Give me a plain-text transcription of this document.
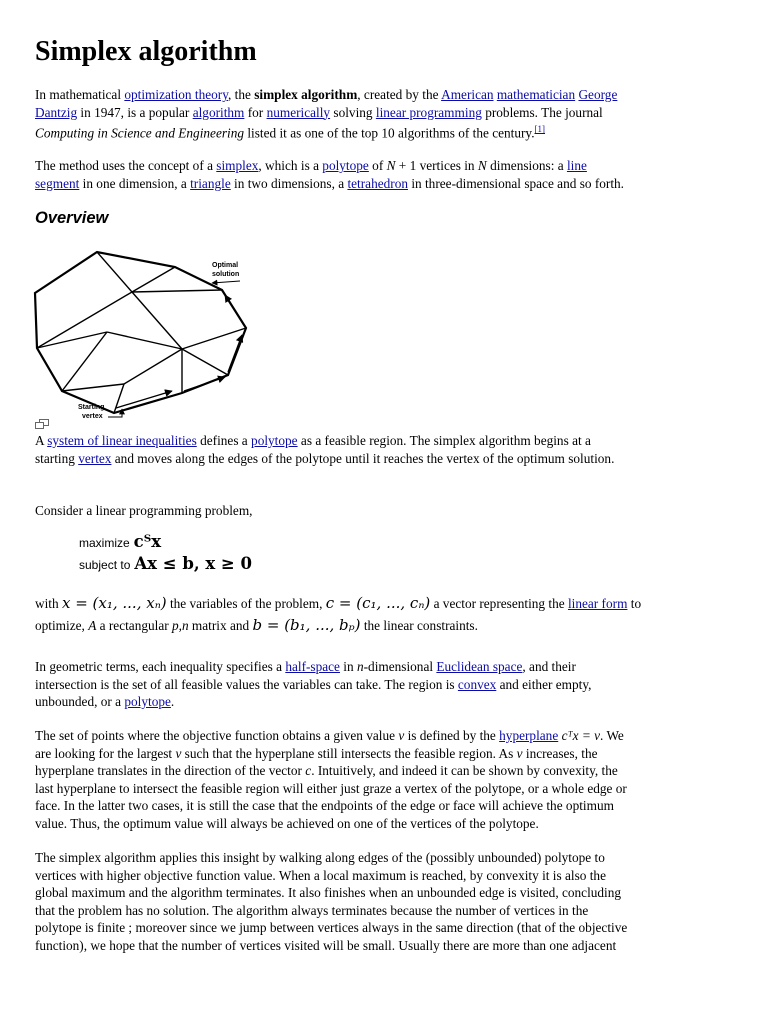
Simplex algorithm

In mathematical optimization theory, the simplex algorithm, created by the American mathematician George
Dantzig in 1947, is a popular algorithm for numerically solving linear programming problems. The journal
Computing in Science and Engineering listed it as one of the top 10 algorithms of the century.[1]

The method uses the concept of a simplex, which is a polytope of N + 1 vertices in N dimensions: a line
segment in one dimension, a triangle in two dimensions, a tetrahedron in three-dimensional space and so forth.

Overview
Optimal
solution
Starting
vertex

A system of linear inequalities defines a polytope as a feasible region. The simplex algorithm begins at a
starting vertex and moves along the edges of the polytope until it reaches the vertex of the optimum solution.

Consider a linear programming problem,

maximize cᵀx
subject to Ax ≤ b, x ≥ 0
with x = (x₁, ..., xₙ) the variables of the problem, c = (c₁, ..., cₙ) a vector representing the linear form to
optimize, A a rectangular p,n matrix and b = (b₁, ..., bₚ) the linear constraints.

In geometric terms, each inequality specifies a half-space in n-dimensional Euclidean space, and their
intersection is the set of all feasible values the variables can take. The region is convex and either empty,
unbounded, or a polytope.

The set of points where the objective function obtains a given value v is defined by the hyperplane cᵀx = v. We
are looking for the largest v such that the hyperplane still intersects the feasible region. As v increases, the
hyperplane translates in the direction of the vector c. Intuitively, and indeed it can be shown by convexity, the
last hyperplane to intersect the feasible region will either just graze a vertex of the polytope, or a whole edge or
face. In the latter two cases, it is still the case that the endpoints of the edge or face will achieve the optimum
value. Thus, the optimum value will always be achieved on one of the vertices of the polytope.

The simplex algorithm applies this insight by walking along edges of the (possibly unbounded) polytope to
vertices with higher objective function value. When a local maximum is reached, by convexity it is also the
global maximum and the algorithm terminates. It also finishes when an unbounded edge is visited, concluding
that the problem has no solution. The algorithm always terminates because the number of vertices in the
polytope is finite ; moreover since we jump between vertices always in the same direction (that of the objective
function), we hope that the number of vertices visited will be small. Usually there are more than one adjacent
